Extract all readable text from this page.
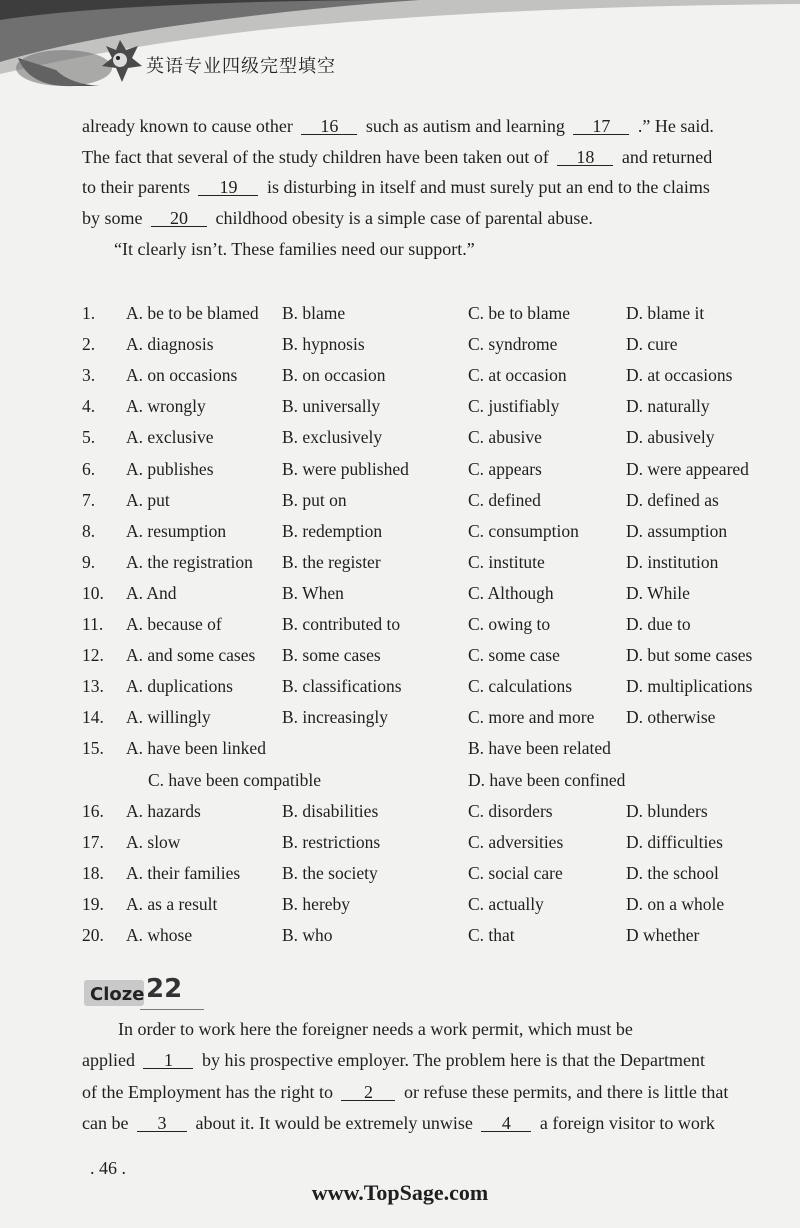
英语专业四级完型填空
already known to cause other 16 such as autism and learning 17 .” He said.
The fact that several of the study children have been taken out of 18 and returned
to their parents 19 is disturbing in itself and must surely put an end to the claims
by some 20 childhood obesity is a simple case of parental abuse.
“It clearly isn’t. These families need our support.”
1. A. be to be blamed B. blame	C. be to blame	D. blame it
2. A. diagnosis	B. hypnosis	C. syndrome	D. cure
3. A. on occasions	B. on occasion	C. at occasion	D. at occasions
4. A. wrongly	B. universally	C. justifiably	D. naturally
5. A. exclusive	B. exclusively	C. abusive	D. abusively
6. A. publishes	B. were published	C. appears	D. were appeared
7. A. put	B. put on	C. defined	D. defined as
8. A. resumption	B. redemption	C. consumption	D. assumption
9. A. the registration B. the register	C. institute	D. institution
10. A. And	B. When	C. Although	D. While
11. A. because of	B. contributed to	C. owing to	D. due to
12. A. and some cases B. some cases	C. some case	D. but some cases
13. A. duplications	B. classifications	C. calculations	D. multiplications
14. A. willingly	B. increasingly	C. more and more D. otherwise
15. A. have been linked	B. have been related
C. have been compatible	D. have been confined
16. A. hazards	B. disabilities	C. disorders	D. blunders
17. A. slow	B. restrictions	C. adversities	D. difficulties
18. A. their families B. the society	C. social care	D. the school
19. A. as a result	B. hereby	C. actually	D. on a whole
20. A. whose	B. who	C. that	D whether
Cloze 22
In order to work here the foreigner needs a work permit, which must be
applied 1 by his prospective employer. The problem here is that the Department
of the Employment has the right to 2 or refuse these permits, and there is little that
can be 3 about it. It would be extremely unwise 4 a foreign visitor to work
. 46 .
www.TopSage.com
